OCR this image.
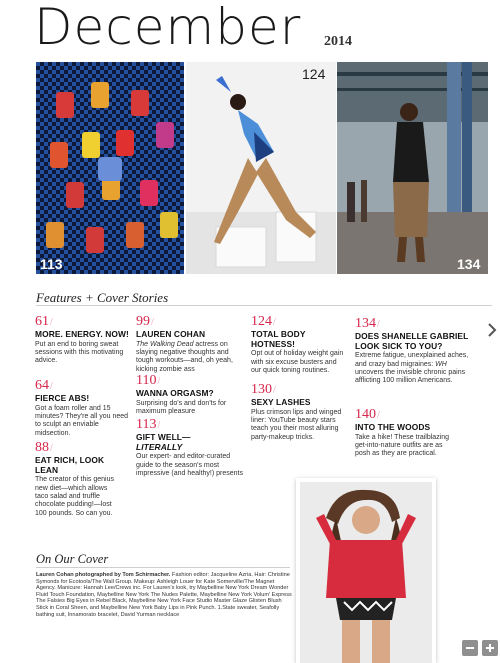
December 2014
113
124
134
Features + Cover Stories
61/
MORE. ENERGY. NOW!
Put an end to boring sweat sessions with this motivating advice.
64/
FIERCE ABS!
Got a foam roller and 15 minutes? They're all you need to sculpt an enviable midsection.
88/
EAT RICH, LOOK LEAN
The creator of this genius new diet—which allows taco salad and truffle chocolate pudding!—lost 100 pounds. So can you.
99/
LAUREN COHAN
The Walking Dead actress on slaying negative thoughts and tough workouts—and, oh yeah, kicking zombie ass
110/
WANNA ORGASM?
Surprising do's and don'ts for maximum pleasure
113/
GIFT WELL—
LITERALLY
Our expert- and editor-curated guide to the season's most impressive (and healthy!) presents
124/
TOTAL BODY HOTNESS!
Opt out of holiday weight gain with six excuse busters and our quick toning routines.
130/
SEXY LASHES
Plus crimson lips and winged liner: YouTube beauty stars teach you their most alluring party-makeup tricks.
134/
DOES SHANELLE GABRIEL LOOK SICK TO YOU?
Extreme fatigue, unexplained aches, and crazy bad migraines: WH uncovers the invisible chronic pains afflicting 100 million Americans.
140/
INTO THE WOODS
Take a hike! These trailblazing get-into-nature outfits are as posh as they are practical.
On Our Cover
Lauren Cohan photographed by Tom Schirmacher. Fashion editor: Jacqueline Azria. Hair: Christine Symonds for Ecotools/The Wall Group. Makeup: Ashleigh Louer for Kate Somerville/The Magnet Agency. Manicure: Hannah Lee/Crews inc. For Lauren's look, try Maybelline New York Dream Wonder Fluid Touch Foundation, Maybelline New York The Nudes Palette, Maybelline New York Volum' Express The Falsies Big Eyes in Rebel Black, Maybelline New York Face Studio Master Glaze Glisten Blush Stick in Coral Sheen, and Maybelline New York Baby Lips in Pink Punch. 1.State sweater, Seafolly bathing suit, Innamorato bracelet, David Yurman necklace
